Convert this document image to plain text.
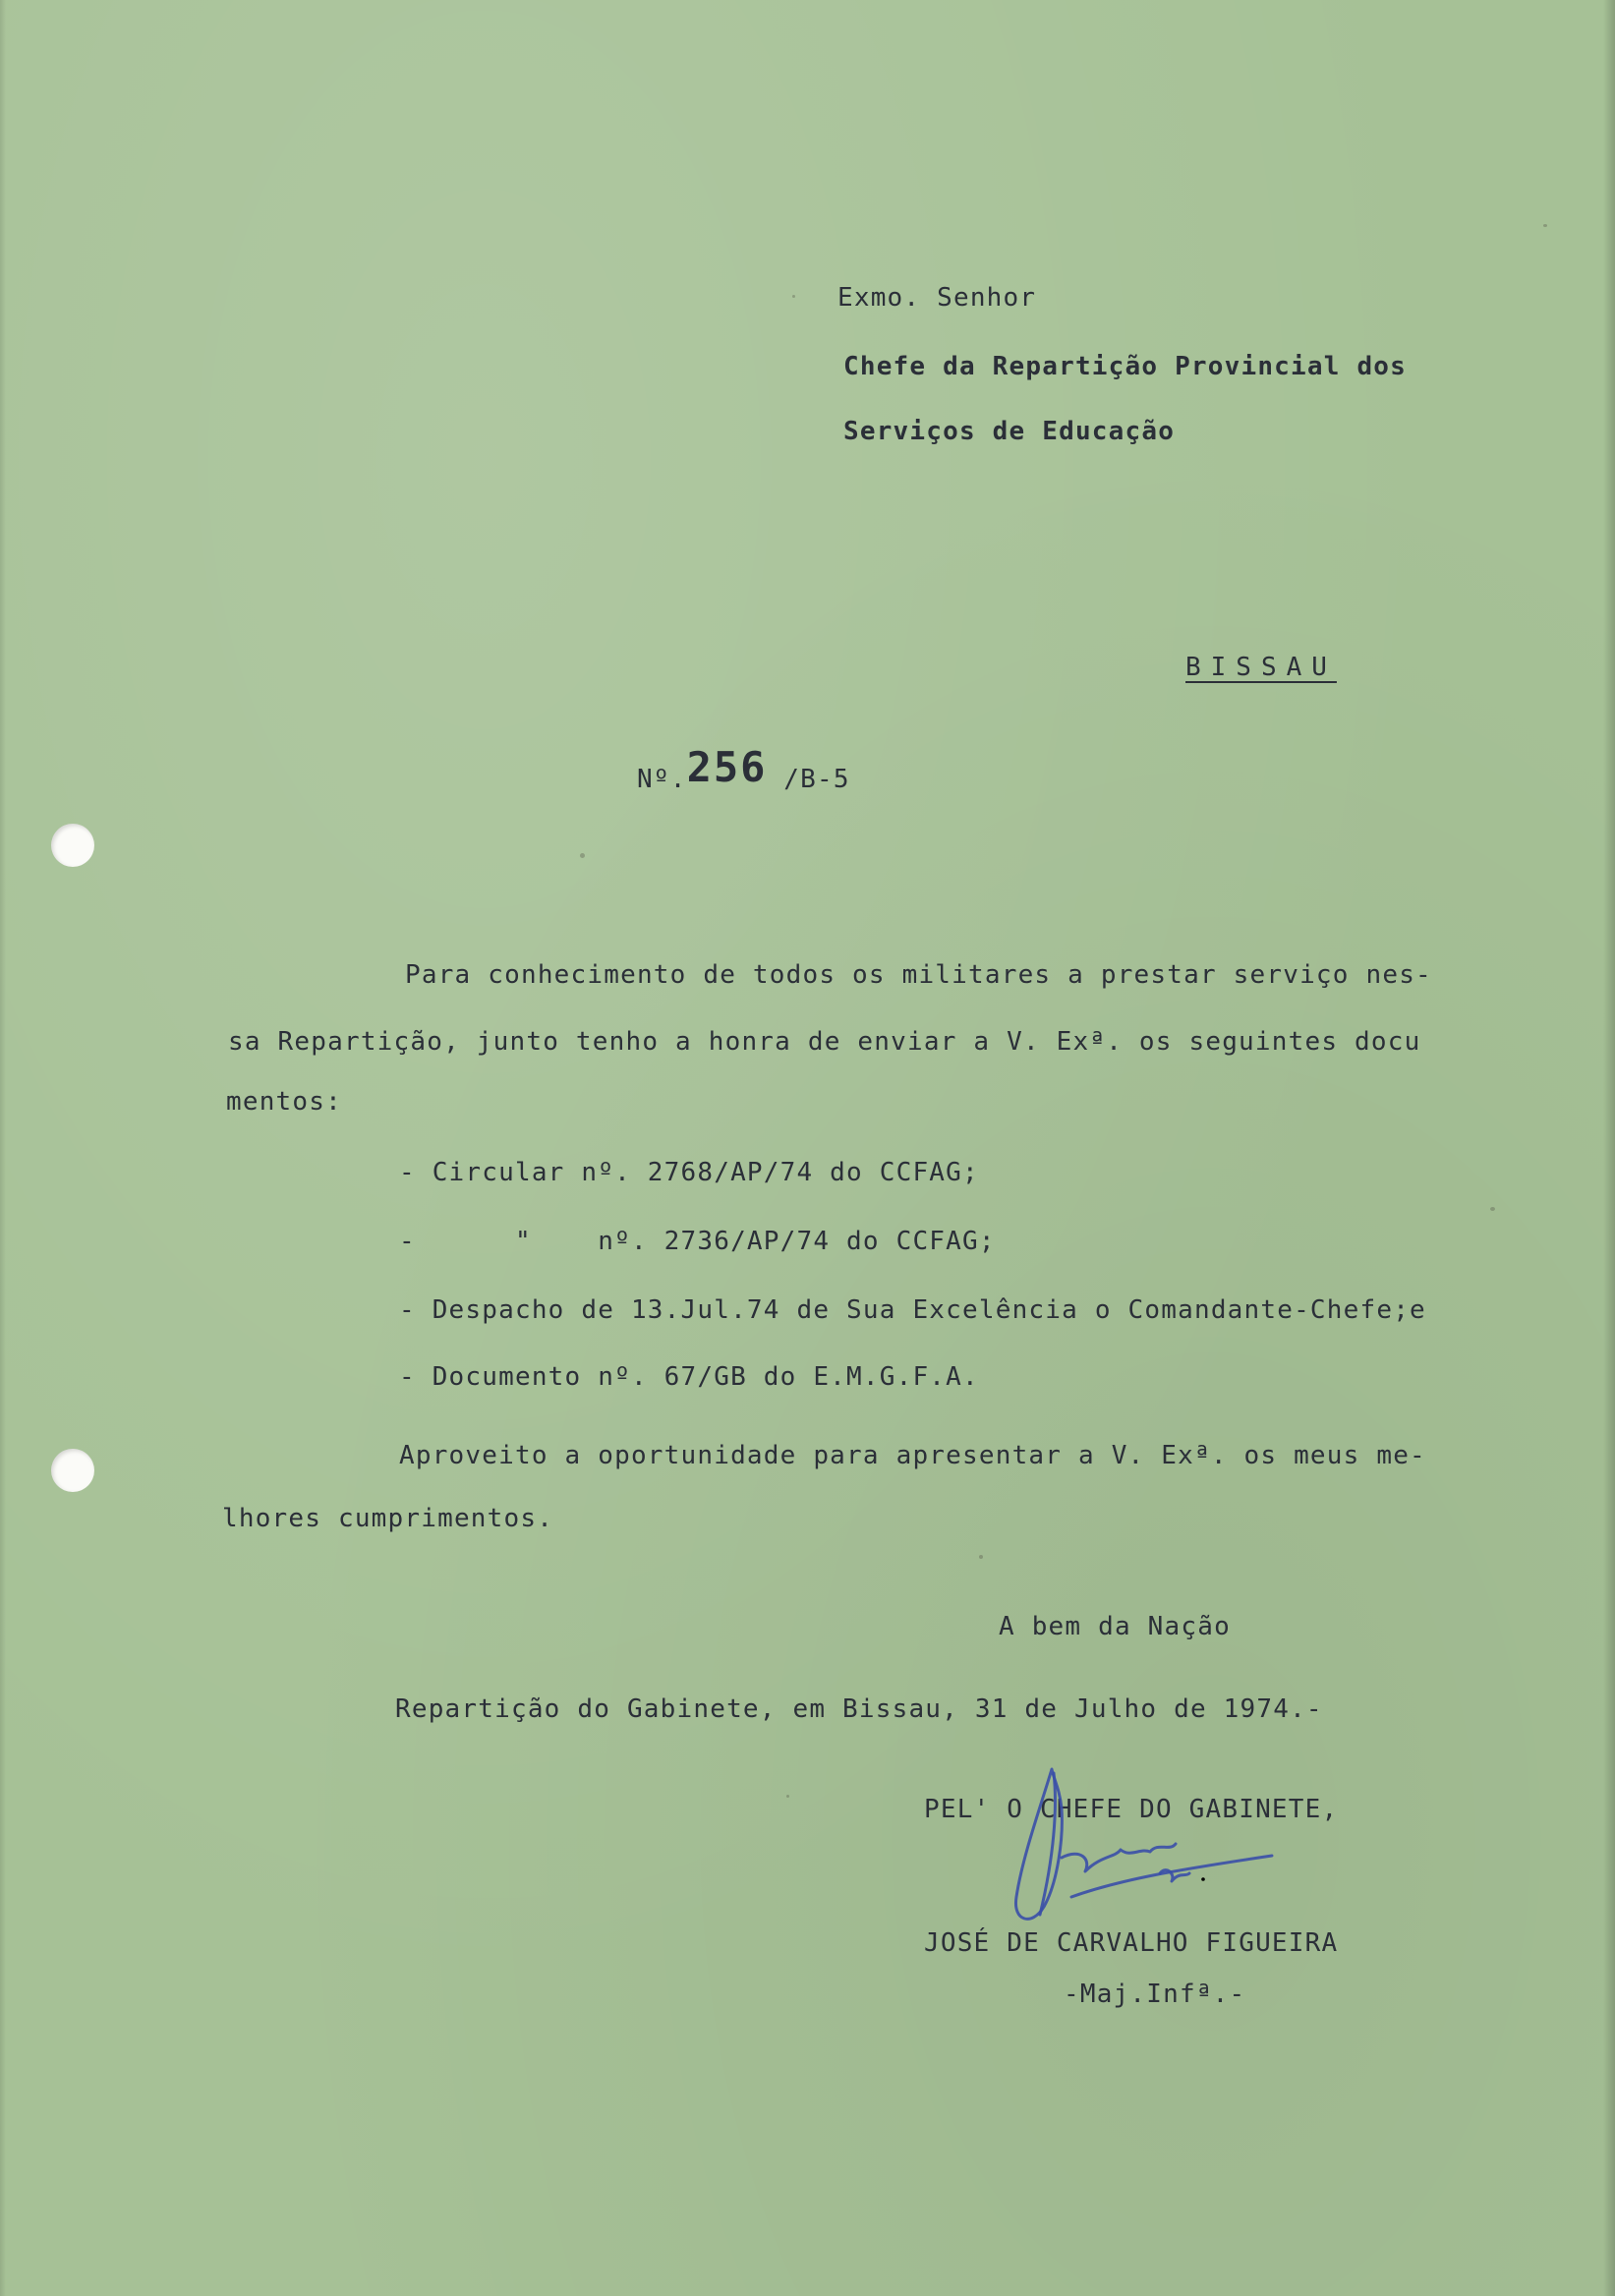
Exmo. Senhor
Chefe da Repartição Provincial dos
Serviços de Educação
BISSAU
Nº.256 /B-5
Para conhecimento de todos os militares a prestar serviço nes-
sa Repartição, junto tenho a honra de enviar a V. Exª. os seguintes docu
mentos:
- Circular nº. 2768/AP/74 do CCFAG;
-      "    nº. 2736/AP/74 do CCFAG;
- Despacho de 13.Jul.74 de Sua Excelência o Comandante-Chefe;e
- Documento nº. 67/GB do E.M.G.F.A.
Aproveito a oportunidade para apresentar a V. Exª. os meus me-
lhores cumprimentos.
A bem da Nação
Repartição do Gabinete, em Bissau, 31 de Julho de 1974.-
PEL' O CHEFE DO GABINETE,
JOSÉ DE CARVALHO FIGUEIRA
-Maj.Infª.-
